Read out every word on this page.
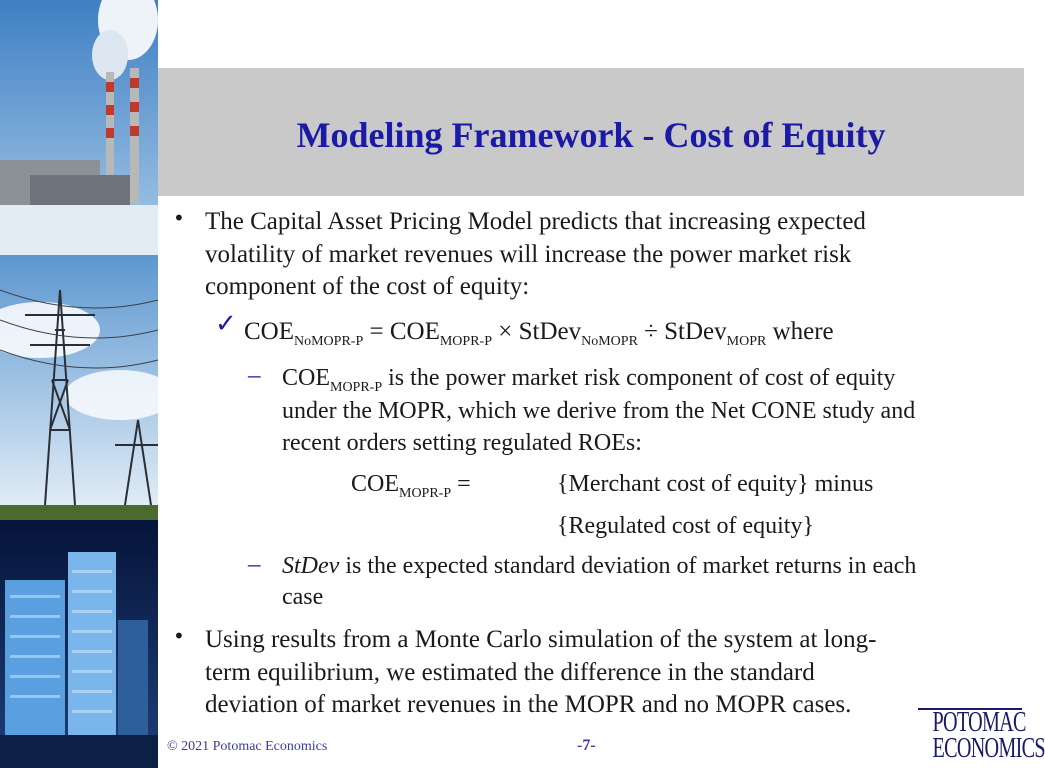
Modeling Framework - Cost of Equity
• The Capital Asset Pricing Model predicts that increasing expected
volatility of market revenues will increase the power market risk
component of the cost of equity:
✓ $COE_{NoMOPR-P} = COE_{MOPR-P}$ × StDev$_{NoMOPR}$ ÷ StDev$_{MOPR}$ where
– $COE_{MOPR-P}$ is the power market risk component of cost of equity
under the MOPR, which we derive from the Net CONE study and
recent orders setting regulated ROEs:
$COE_{MOPR-P}$ =	{Merchant cost of equity} minus
{Regulated cost of equity}
– StDev is the expected standard deviation of market returns in each
case
• Using results from a Monte Carlo simulation of the system at long-
term equilibrium, we estimated the difference in the standard
deviation of market revenues in the MOPR and no MOPR cases.
© 2021 Potomac Economics	-7-
POTOMAC
ECONOMICS
